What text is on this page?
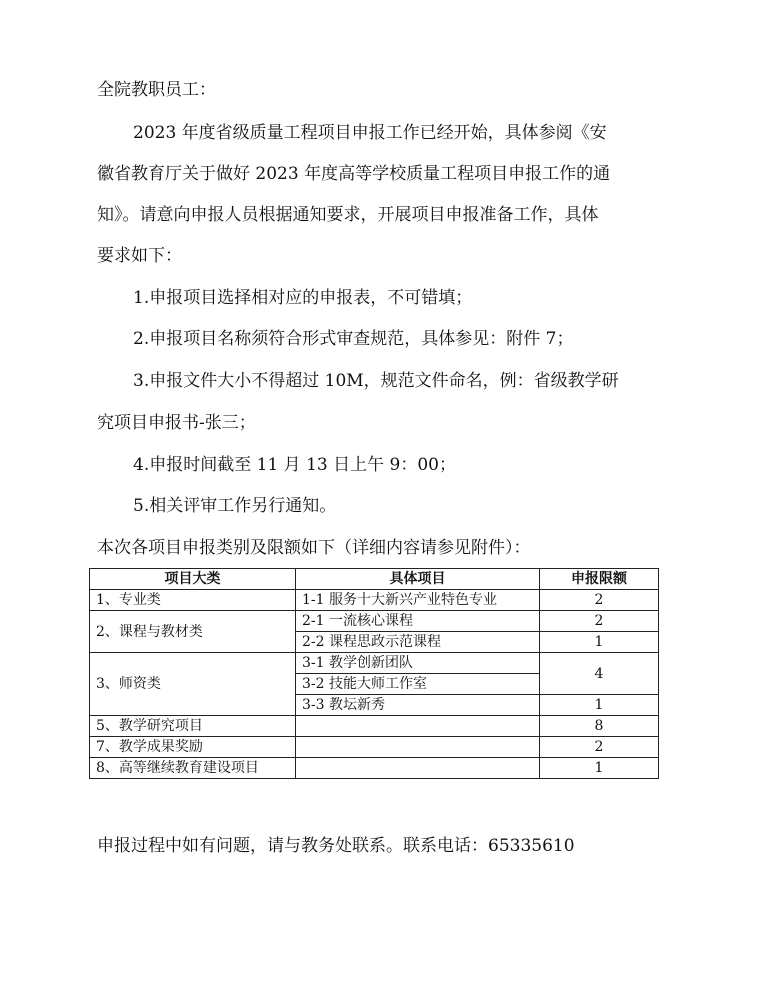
全院教职员工：
2023 年度省级质量工程项目申报工作已经开始，具体参阅《安
徽省教育厅关于做好 2023 年度高等学校质量工程项目申报工作的通
知》。请意向申报人员根据通知要求，开展项目申报准备工作，具体
要求如下：
1.申报项目选择相对应的申报表，不可错填；
2.申报项目名称须符合形式审查规范，具体参见：附件 7；
3.申报文件大小不得超过 10M，规范文件命名，例：省级教学研
究项目申报书-张三；
4.申报时间截至 11 月 13 日上午 9：00；
5.相关评审工作另行通知。
本次各项目申报类别及限额如下（详细内容请参见附件）：
项目大类	具体项目	申报限额
1、专业类	1-1 服务十大新兴产业特色专业	2
2、课程与教材类	2-1 一流核心课程	2
	2-2 课程思政示范课程	1
3、师资类	3-1 教学创新团队	4
	3-2 技能大师工作室	
	3-3 教坛新秀	1
5、教学研究项目		8
7、教学成果奖励		2
8、高等继续教育建设项目		1
申报过程中如有问题，请与教务处联系。联系电话：65335610
